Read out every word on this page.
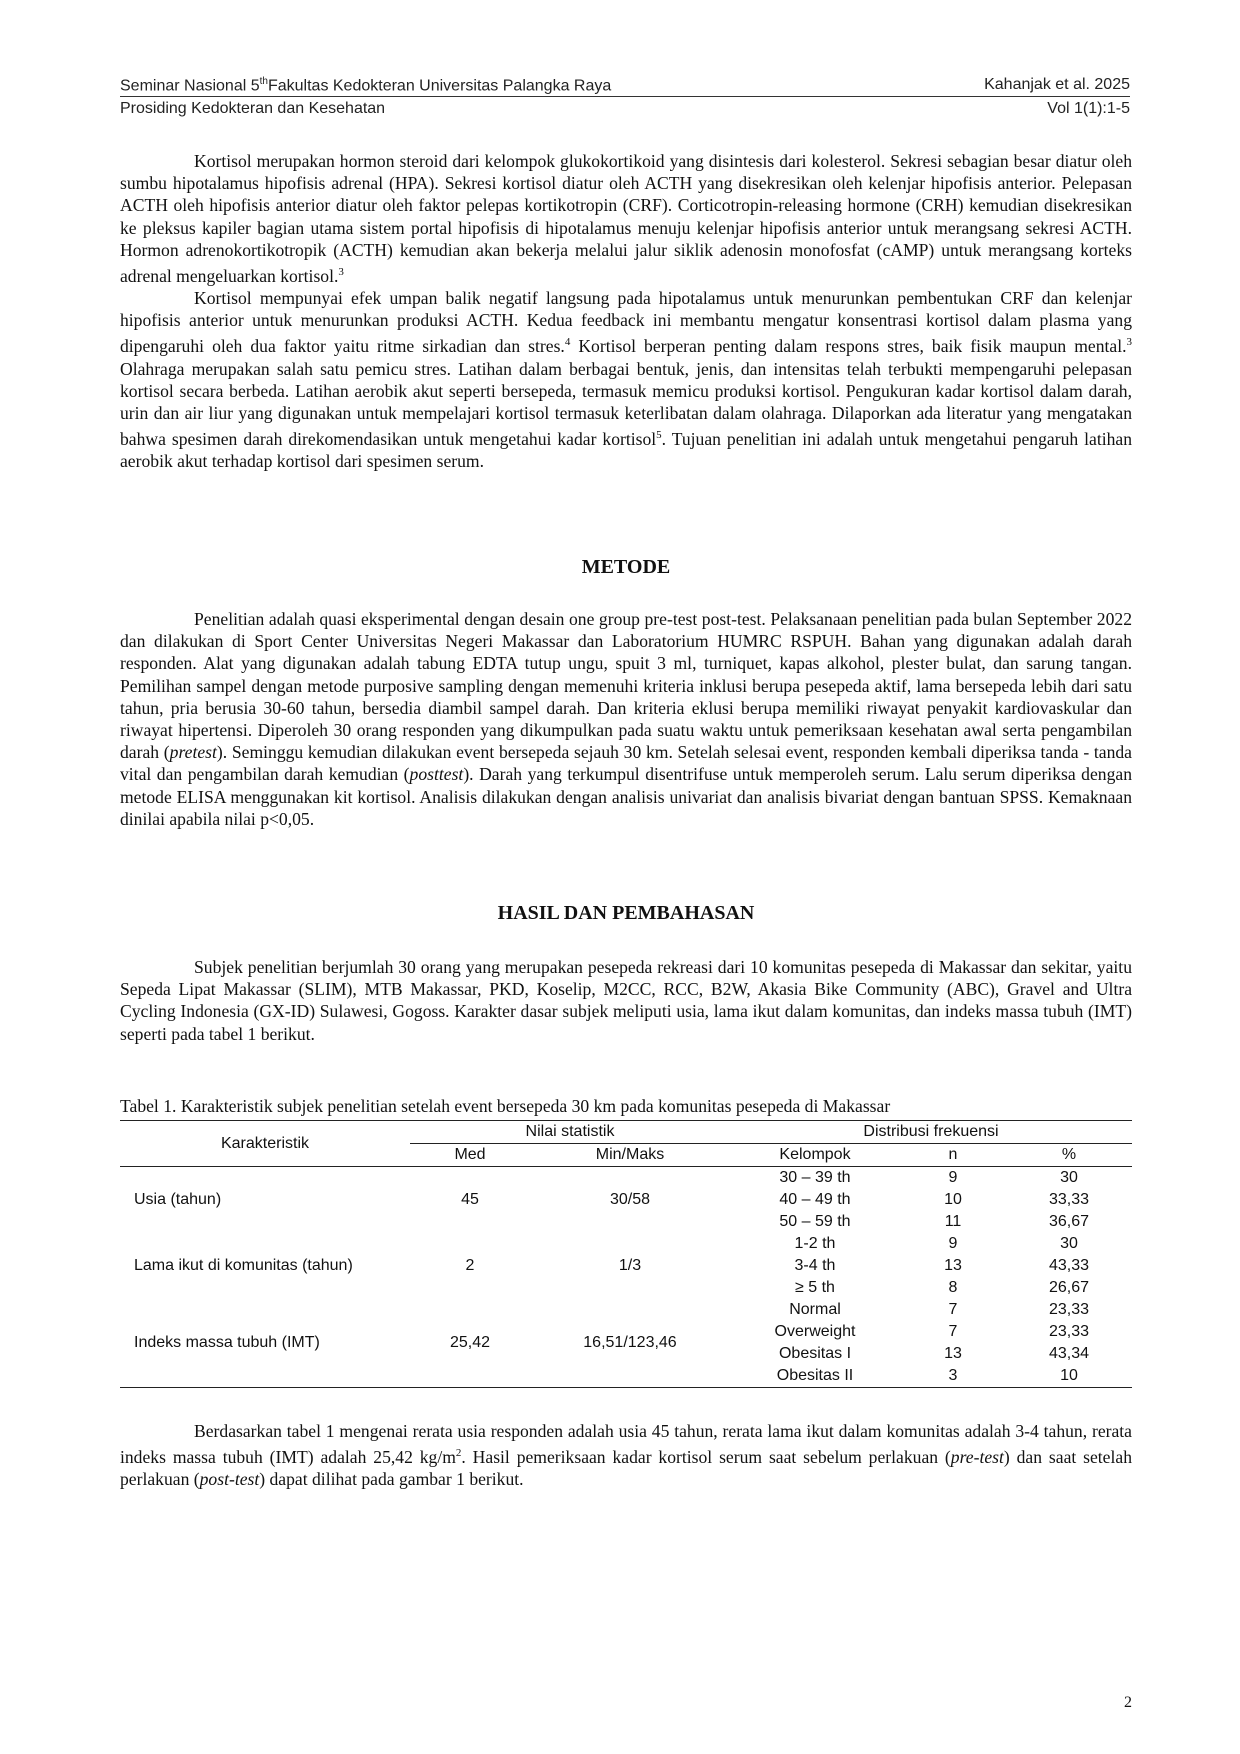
Seminar Nasional 5thFakultas Kedokteran Universitas Palangka Raya	Kahanjak et al. 2025
Prosiding Kedokteran dan Kesehatan	Vol 1(1):1-5

Kortisol merupakan hormon steroid dari kelompok glukokortikoid yang disintesis dari kolesterol. Sekresi sebagian besar diatur oleh sumbu hipotalamus hipofisis adrenal (HPA). Sekresi kortisol diatur oleh ACTH yang disekresikan oleh kelenjar hipofisis anterior. Pelepasan ACTH oleh hipofisis anterior diatur oleh faktor pelepas kortikotropin (CRF). Corticotropin-releasing hormone (CRH) kemudian disekresikan ke pleksus kapiler bagian utama sistem portal hipofisis di hipotalamus menuju kelenjar hipofisis anterior untuk merangsang sekresi ACTH. Hormon adrenokortikotropik (ACTH) kemudian akan bekerja melalui jalur siklik adenosin monofosfat (cAMP) untuk merangsang korteks adrenal mengeluarkan kortisol.$^3$

Kortisol mempunyai efek umpan balik negatif langsung pada hipotalamus untuk menurunkan pembentukan CRF dan kelenjar hipofisis anterior untuk menurunkan produksi ACTH. Kedua feedback ini membantu mengatur konsentrasi kortisol dalam plasma yang dipengaruhi oleh dua faktor yaitu ritme sirkadian dan stres.$^4$ Kortisol berperan penting dalam respons stres, baik fisik maupun mental.$^3$ Olahraga merupakan salah satu pemicu stres. Latihan dalam berbagai bentuk, jenis, dan intensitas telah terbukti mempengaruhi pelepasan kortisol secara berbeda. Latihan aerobik akut seperti bersepeda, termasuk memicu produksi kortisol. Pengukuran kadar kortisol dalam darah, urin dan air liur yang digunakan untuk mempelajari kortisol termasuk keterlibatan dalam olahraga. Dilaporkan ada literatur yang mengatakan bahwa spesimen darah direkomendasikan untuk mengetahui kadar kortisol$^5$. Tujuan penelitian ini adalah untuk mengetahui pengaruh latihan aerobik akut terhadap kortisol dari spesimen serum.

METODE

Penelitian adalah quasi eksperimental dengan desain one group pre-test post-test. Pelaksanaan penelitian pada bulan September 2022 dan dilakukan di Sport Center Universitas Negeri Makassar dan Laboratorium HUMRC RSPUH. Bahan yang digunakan adalah darah responden. Alat yang digunakan adalah tabung EDTA tutup ungu, spuit 3 ml, turniquet, kapas alkohol, plester bulat, dan sarung tangan. Pemilihan sampel dengan metode purposive sampling dengan memenuhi kriteria inklusi berupa pesepeda aktif, lama bersepeda lebih dari satu tahun, pria berusia 30-60 tahun, bersedia diambil sampel darah. Dan kriteria eklusi berupa memiliki riwayat penyakit kardiovaskular dan riwayat hipertensi. Diperoleh 30 orang responden yang dikumpulkan pada suatu waktu untuk pemeriksaan kesehatan awal serta pengambilan darah (pretest). Seminggu kemudian dilakukan event bersepeda sejauh 30 km. Setelah selesai event, responden kembali diperiksa tanda - tanda vital dan pengambilan darah kemudian (posttest). Darah yang terkumpul disentrifuse untuk memperoleh serum. Lalu serum diperiksa dengan metode ELISA menggunakan kit kortisol. Analisis dilakukan dengan analisis univariat dan analisis bivariat dengan bantuan SPSS. Kemaknaan dinilai apabila nilai p<0,05.

HASIL DAN PEMBAHASAN

Subjek penelitian berjumlah 30 orang yang merupakan pesepeda rekreasi dari 10 komunitas pesepeda di Makassar dan sekitar, yaitu Sepeda Lipat Makassar (SLIM), MTB Makassar, PKD, Koselip, M2CC, RCC, B2W, Akasia Bike Community (ABC), Gravel and Ultra Cycling Indonesia (GX-ID) Sulawesi, Gogoss. Karakter dasar subjek meliputi usia, lama ikut dalam komunitas, dan indeks massa tubuh (IMT) seperti pada tabel 1 berikut.

Tabel 1. Karakteristik subjek penelitian setelah event bersepeda 30 km pada komunitas pesepeda di Makassar
Karakteristik	Nilai statistik		Distribusi frekuensi		
	Med	Min/Maks	Kelompok	n	%
Usia (tahun)	45	30/58	30 – 39 th	9	30
			40 – 49 th	10	33,33
			50 – 59 th	11	36,67
Lama ikut di komunitas (tahun)	2	1/3	1-2 th	9	30
			3-4 th	13	43,33
			≥ 5 th	8	26,67
Indeks massa tubuh (IMT)	25,42	16,51/123,46	Normal	7	23,33
			Overweight	7	23,33
			Obesitas I	13	43,34
			Obesitas II	3	10

Berdasarkan tabel 1 mengenai rerata usia responden adalah usia 45 tahun, rerata lama ikut dalam komunitas adalah 3-4 tahun, rerata indeks massa tubuh (IMT) adalah 25,42 $kg/m^2$. Hasil pemeriksaan kadar kortisol serum saat sebelum perlakuan (pre-test) dan saat setelah perlakuan (post-test) dapat dilihat pada gambar 1 berikut.

2
